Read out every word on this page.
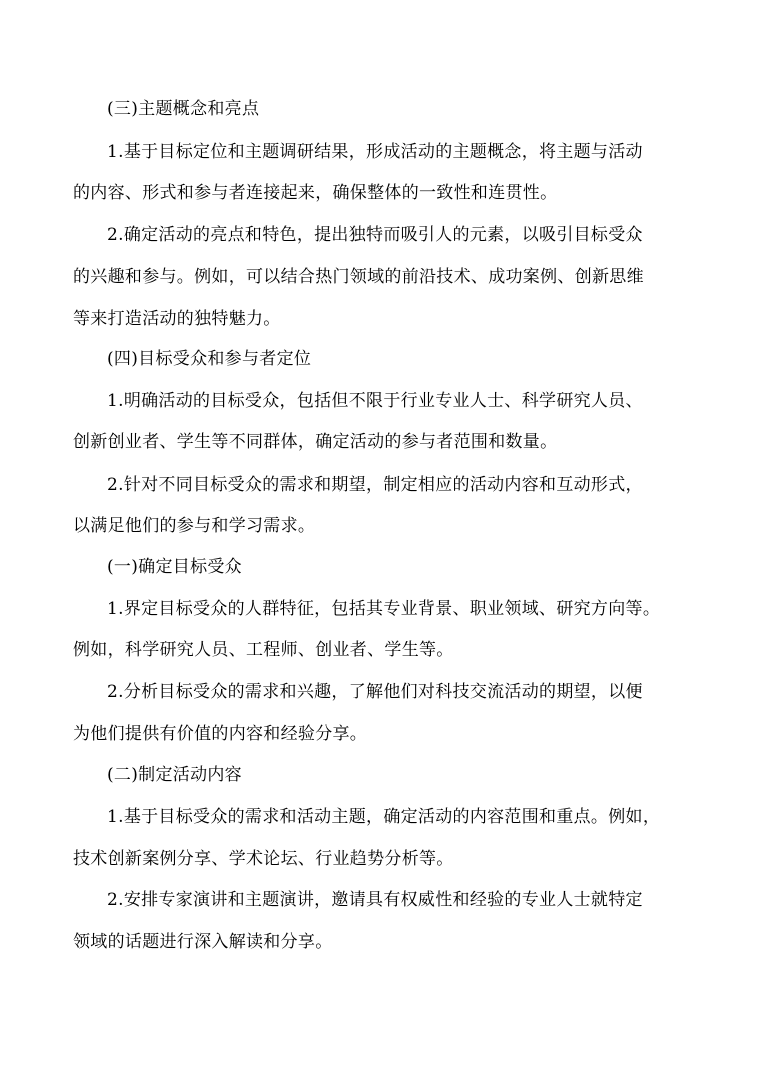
(三)主题概念和亮点
1.基于目标定位和主题调研结果，形成活动的主题概念，将主题与活动
的内容、形式和参与者连接起来，确保整体的一致性和连贯性。
2.确定活动的亮点和特色，提出独特而吸引人的元素，以吸引目标受众
的兴趣和参与。例如，可以结合热门领域的前沿技术、成功案例、创新思维
等来打造活动的独特魅力。
(四)目标受众和参与者定位
1.明确活动的目标受众，包括但不限于行业专业人士、科学研究人员、
创新创业者、学生等不同群体，确定活动的参与者范围和数量。
2.针对不同目标受众的需求和期望，制定相应的活动内容和互动形式，
以满足他们的参与和学习需求。
(一)确定目标受众
1.界定目标受众的人群特征，包括其专业背景、职业领域、研究方向等。
例如，科学研究人员、工程师、创业者、学生等。
2.分析目标受众的需求和兴趣，了解他们对科技交流活动的期望，以便
为他们提供有价值的内容和经验分享。
(二)制定活动内容
1.基于目标受众的需求和活动主题，确定活动的内容范围和重点。例如，
技术创新案例分享、学术论坛、行业趋势分析等。
2.安排专家演讲和主题演讲，邀请具有权威性和经验的专业人士就特定
领域的话题进行深入解读和分享。
